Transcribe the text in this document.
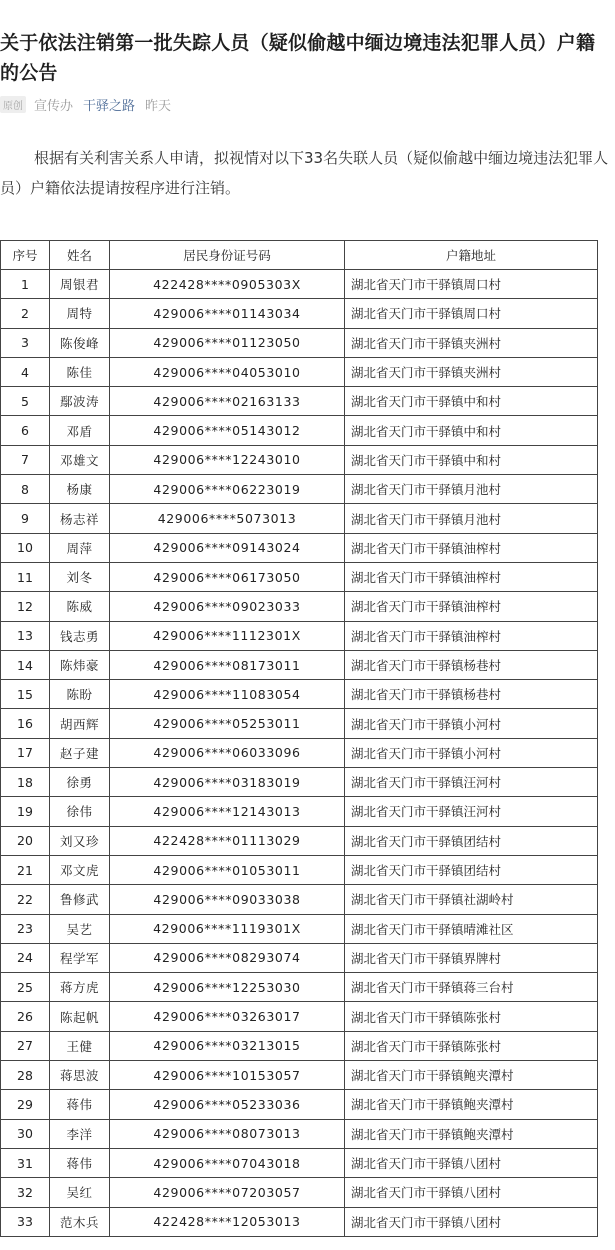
关于依法注销第一批失踪人员（疑似偷越中缅边境违法犯罪人员）户籍的公告
原创 宣传办 干驿之路 昨天
根据有关利害关系人申请，拟视情对以下33名失联人员（疑似偷越中缅边境违法犯罪人员）户籍依法提请按程序进行注销。
序号	姓名	居民身份证号码	户籍地址
1	周银君	422428****0905303X	湖北省天门市干驿镇周口村
2	周特	429006****01143034	湖北省天门市干驿镇周口村
3	陈俊峰	429006****01123050	湖北省天门市干驿镇夹洲村
4	陈佳	429006****04053010	湖北省天门市干驿镇夹洲村
5	鄢波涛	429006****02163133	湖北省天门市干驿镇中和村
6	邓盾	429006****05143012	湖北省天门市干驿镇中和村
7	邓雄文	429006****12243010	湖北省天门市干驿镇中和村
8	杨康	429006****06223019	湖北省天门市干驿镇月池村
9	杨志祥	429006****5073013	湖北省天门市干驿镇月池村
10	周萍	429006****09143024	湖北省天门市干驿镇油榨村
11	刘冬	429006****06173050	湖北省天门市干驿镇油榨村
12	陈威	429006****09023033	湖北省天门市干驿镇油榨村
13	钱志勇	429006****1112301X	湖北省天门市干驿镇油榨村
14	陈炜豪	429006****08173011	湖北省天门市干驿镇杨巷村
15	陈盼	429006****11083054	湖北省天门市干驿镇杨巷村
16	胡西辉	429006****05253011	湖北省天门市干驿镇小河村
17	赵子建	429006****06033096	湖北省天门市干驿镇小河村
18	徐勇	429006****03183019	湖北省天门市干驿镇汪河村
19	徐伟	429006****12143013	湖北省天门市干驿镇汪河村
20	刘又珍	422428****01113029	湖北省天门市干驿镇团结村
21	邓文虎	429006****01053011	湖北省天门市干驿镇团结村
22	鲁修武	429006****09033038	湖北省天门市干驿镇社湖岭村
23	吴艺	429006****1119301X	湖北省天门市干驿镇晴滩社区
24	程学军	429006****08293074	湖北省天门市干驿镇界牌村
25	蒋方虎	429006****12253030	湖北省天门市干驿镇蒋三台村
26	陈起帆	429006****03263017	湖北省天门市干驿镇陈张村
27	王健	429006****03213015	湖北省天门市干驿镇陈张村
28	蒋思波	429006****10153057	湖北省天门市干驿镇鲍夹潭村
29	蒋伟	429006****05233036	湖北省天门市干驿镇鲍夹潭村
30	李洋	429006****08073013	湖北省天门市干驿镇鲍夹潭村
31	蒋伟	429006****07043018	湖北省天门市干驿镇八团村
32	吴红	429006****07203057	湖北省天门市干驿镇八团村
33	范木兵	422428****12053013	湖北省天门市干驿镇八团村
